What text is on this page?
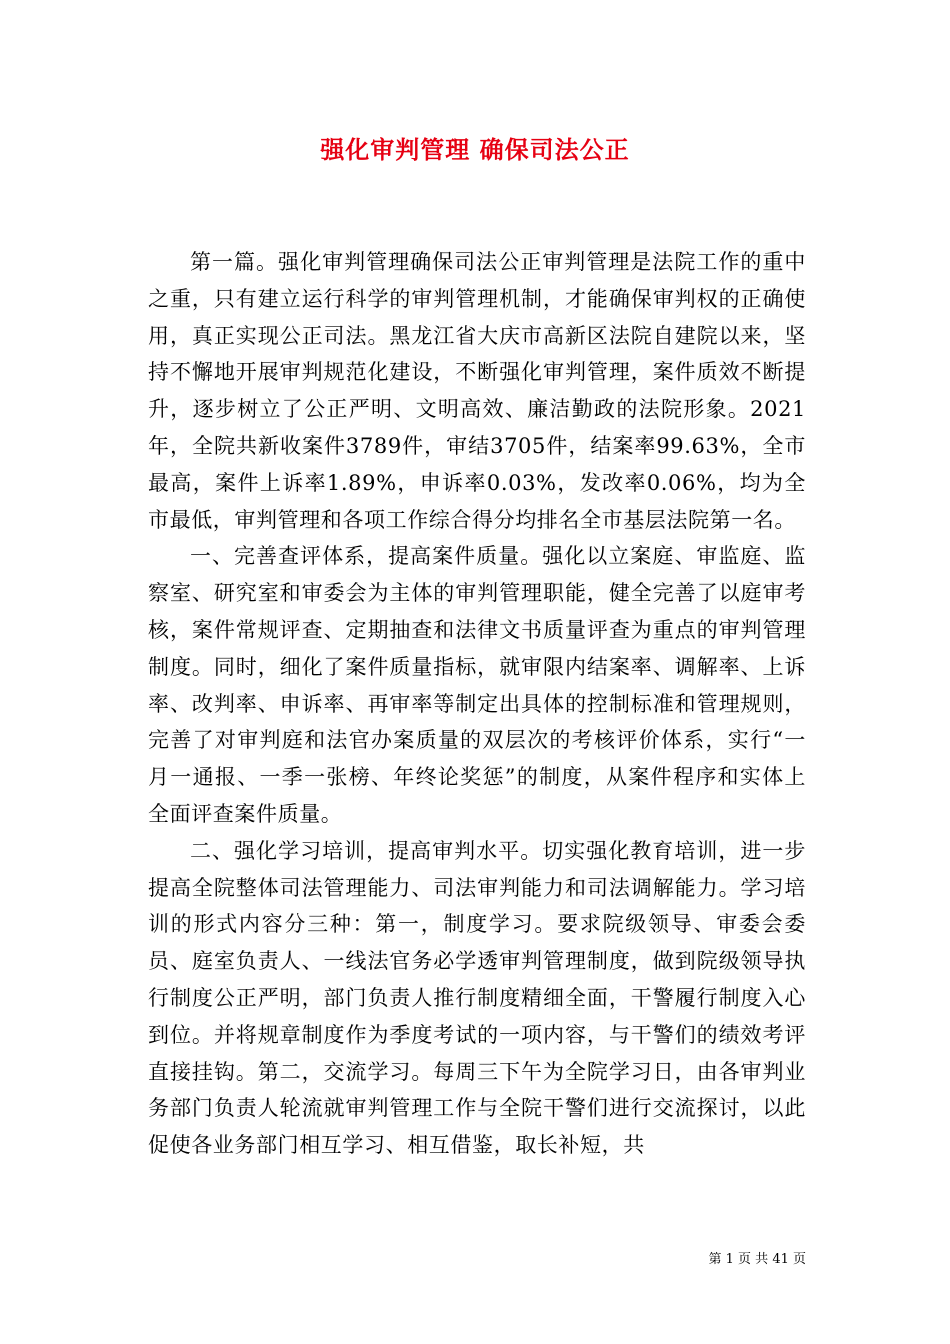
强化审判管理 确保司法公正

第一篇。强化审判管理确保司法公正审判管理是法院工作的重中之重，只有建立运行科学的审判管理机制，才能确保审判权的正确使用，真正实现公正司法。黑龙江省大庆市高新区法院自建院以来，坚持不懈地开展审判规范化建设，不断强化审判管理，案件质效不断提升，逐步树立了公正严明、文明高效、廉洁勤政的法院形象。2021年，全院共新收案件3789件，审结3705件，结案率99.63%，全市最高，案件上诉率1.89%，申诉率0.03%，发改率0.06%，均为全市最低，审判管理和各项工作综合得分均排名全市基层法院第一名。

一、完善查评体系，提高案件质量。强化以立案庭、审监庭、监察室、研究室和审委会为主体的审判管理职能，健全完善了以庭审考核，案件常规评查、定期抽查和法律文书质量评查为重点的审判管理制度。同时，细化了案件质量指标，就审限内结案率、调解率、上诉率、改判率、申诉率、再审率等制定出具体的控制标准和管理规则，完善了对审判庭和法官办案质量的双层次的考核评价体系，实行“一月一通报、一季一张榜、年终论奖惩”的制度，从案件程序和实体上全面评查案件质量。

二、强化学习培训，提高审判水平。切实强化教育培训，进一步提高全院整体司法管理能力、司法审判能力和司法调解能力。学习培训的形式内容分三种：第一，制度学习。要求院级领导、审委会委员、庭室负责人、一线法官务必学透审判管理制度，做到院级领导执行制度公正严明，部门负责人推行制度精细全面，干警履行制度入心到位。并将规章制度作为季度考试的一项内容，与干警们的绩效考评直接挂钩。第二，交流学习。每周三下午为全院学习日，由各审判业务部门负责人轮流就审判管理工作与全院干警们进行交流探讨，以此促使各业务部门相互学习、相互借鉴，取长补短，共

第 1 页 共 41 页
